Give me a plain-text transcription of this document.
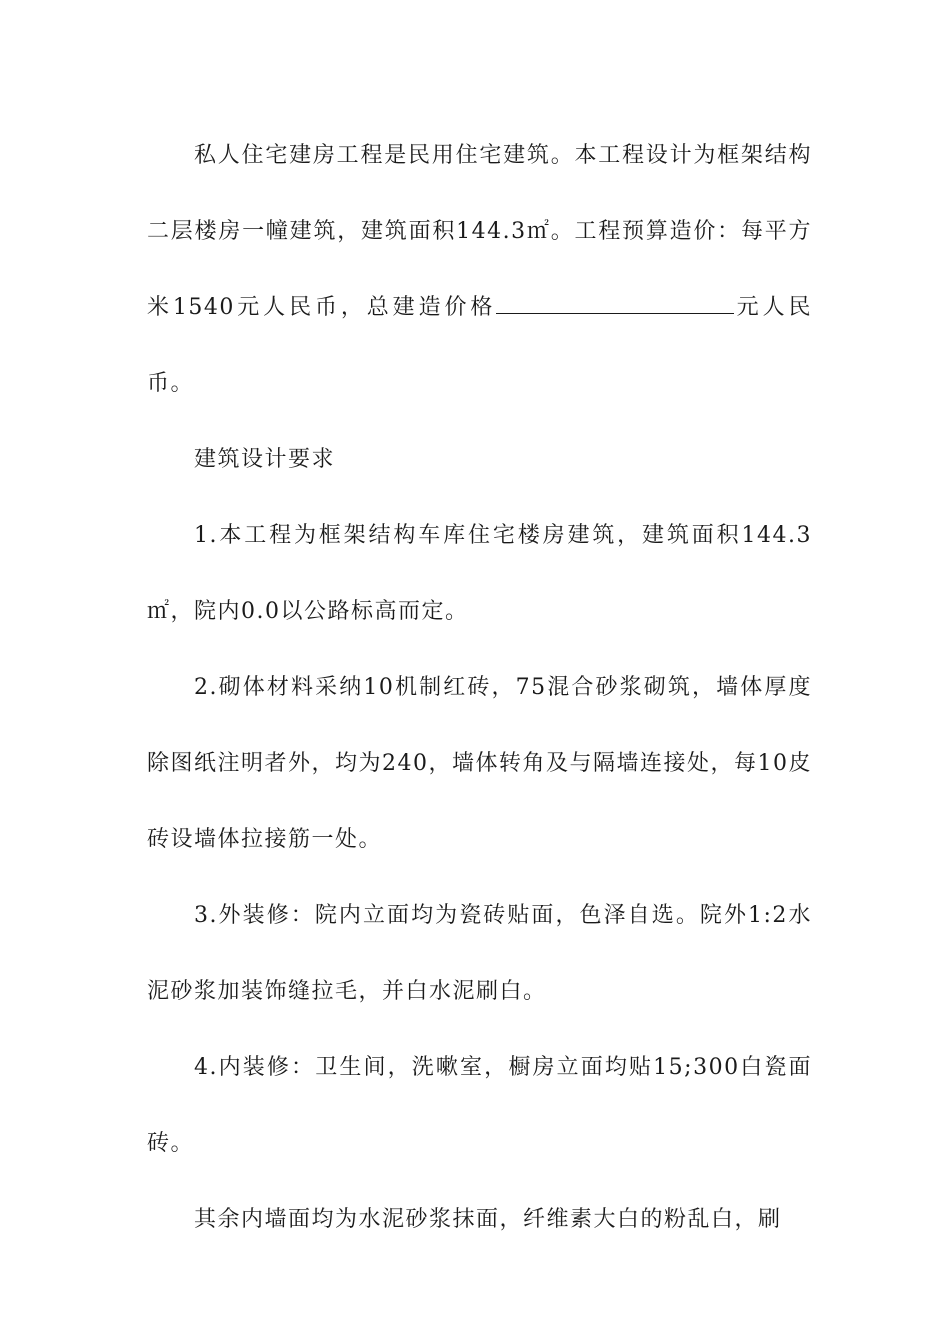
私人住宅建房工程是民用住宅建筑。本工程设计为框架结构二层楼房一幢建筑，建筑面积144.3㎡。工程预算造价：每平方米1540元人民币，总建造价格	元人民币。

建筑设计要求

1.本工程为框架结构车库住宅楼房建筑，建筑面积144.3㎡，院内0.0以公路标高而定。

2.砌体材料采纳10机制红砖，75混合砂浆砌筑，墙体厚度除图纸注明者外，均为240，墙体转角及与隔墙连接处，每10皮砖设墙体拉接筋一处。

3.外装修：院内立面均为瓷砖贴面，色泽自选。院外1:2水泥砂浆加装饰缝拉毛，并白水泥刷白。

4.内装修：卫生间，洗嗽室，橱房立面均贴15;300白瓷面砖。

其余内墙面均为水泥砂浆抹面，纤维素大白的粉乱白，刷
